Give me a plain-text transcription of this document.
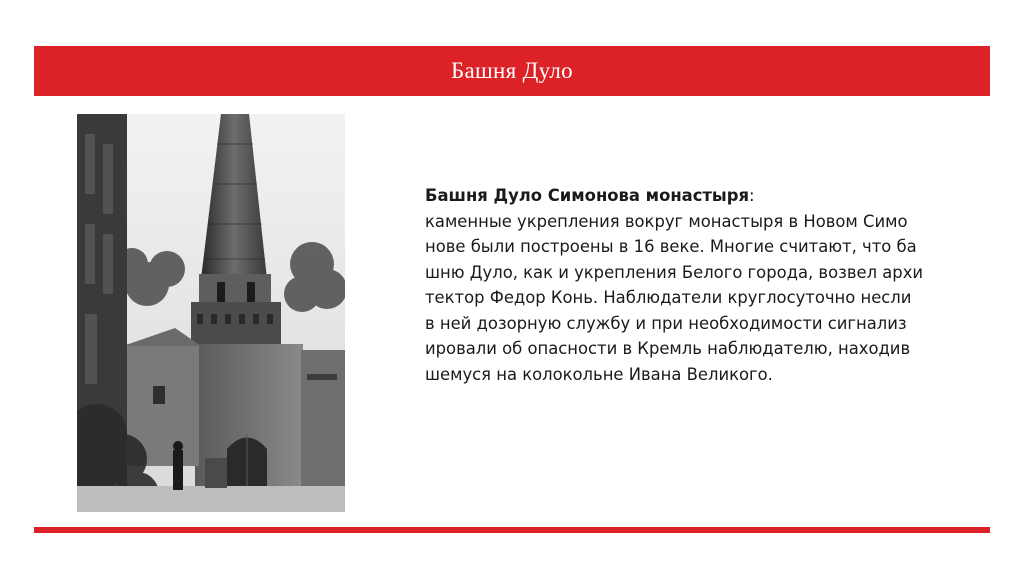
Башня Дуло
Башня Дуло Симонова монастыря:
каменные укрепления вокруг монастыря в Новом Симо
нове были построены в 16 веке. Многие считают, что ба
шню Дуло, как и укрепления Белого города, возвел архи
тектор Федор Конь. Наблюдатели круглосуточно несли
в ней дозорную службу и при необходимости сигнализ
ировали об опасности в Кремль наблюдателю, находив
шемуся на колокольне Ивана Великого.
